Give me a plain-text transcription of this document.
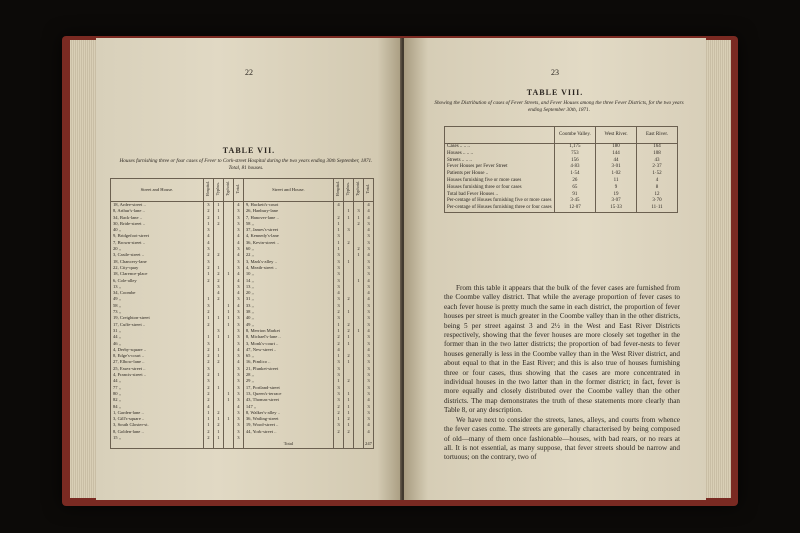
22
TABLE VII.
Houses furnishing three or four cases of Fever to Cork-street Hospital during the two years ending 30th September, 1871. Total, 81 houses.
Street and House.	Hospital.	Typhus.	Typhoid.	Total.	Street and House.	Hospital.	Typhus.	Typhoid.	Total.
18, Ardee-street ..	3	1		4	9, Hackett's-court	4			4
8, Arthur's-lane ..	2	1		3	26, Hanbury-lane		1	3	4
34, Back-lane ..	2	1		3	7, Hanover-lane ..	2	1	1	4
30, Bride-street ..	1	2		3	58 ,,	1		2	3
40 ,,	3			3	37, James's-street	1	3		4
9, Bridgefoot-street	4			4	4, Kennedy's-lane	3			3
7, Brown-street ..	4			4	36, Kevin-street ..	1	2		3
20 ,,	3			3	60 ,,	1		2	3
3, Castle-street ..	2	2		4	22 ,,	3		1	4
18, Chancery-lane	3			3	3, Mark's-alley ..	3	1		3
22, City-quay	2	1		3	4, Meath-street ..	3			3
18, Clarence-place	1	2	1	4	10 ,,	3			3
6, Cole-alley	2	2		4	14 ,,	3		1	4
13 ,,		3		3	13 ,,	3			3
34, Coombe		4		4	20 ,,	4			4
49 ,,	1	2		3	31 ,,	3	2		4
58 ,,	3		1	4	33 ,,	3			3
73 ,,	2		1	3	38 ,,	2	1		3
19, Creighton-street	1	1	1	3	40 ,,	3			3
17, Cuffe-street ..	2		1	3	49 ,,	1	2		3
31 ,,		3		3	8, Merrion Market	1	2	1	4
44 ,,	1	1	1	3	8, Michael's-lane ..	2	1		3
46 ,,	3			3	3, Monk's-court ..	2	1		3
4, Derby-square ..	2	1		4	47, New-street ..	4			4
8, Edge's-court ..	2	1		3	65 ,,	1	2		3
27, Elbow-lane ..	2	2		4	16, Pimlico ..	3	1		3
25, Essex-street ..	3			3	21, Plunket-street	3			3
4, Francis-street ..	2	1		3	28 ,,	3			3
44 ,,	3			3	29 ,,	1	2		3
77 ,,	2	1		3	17, Portland-street	3			3
80 ,,	2		1	3	13, Queen's-terrace	3	1		3
82 ,,	2		1	3	43, Thomas-street	3	1		4
84 ,,	4			4	147 ,,	2	1		3
1, Garden-lane ..	1	2		3	8, Walker's-alley ..	2	1		3
3, Gill's-square ..	1	1	1	3	36, Watling-street	1	2		3
3, South Gloster-st.	1	2		3	19, Wood-street ..	3	1		4
8, Golden-lane ..	2	1		3	44, York-street ..	2	2		4
15 ,,	2	1		3					
					Total				247
23
TABLE VIII.
Showing the Distribution of cases of Fever Streets, and Fever Houses among the three Fever Districts, for the two years ending September 30th, 1871.
	Coombe Valley.	West River.	East River.
Cases .. .. ..	1,175	180	164
Houses .. .. ..	753	144	108
Streets .. .. ..	156	44	43
Fever Houses per Fever Street	4·83	3·01	2·37
Patients per House ..	1·54	1·02	1·52
Houses furnishing five or more cases	26	11	4
Houses furnishing three or four cases	65	9	8
Total bad Fever Houses ..	91	19	12
Per-centage of Houses furnishing five or more cases	3·45	3·07	3·70
Per-centage of Houses furnishing three or four cases	12·07	15·33	11·11

From this table it appears that the bulk of the fever cases are furnished from the Coombe valley district. That while the average proportion of fever cases to each fever house is pretty much the same in each district, the proportion of fever houses per street is much greater in the Coombe valley than in the other districts, being 5 per street against 3 and 2½ in the West and East River Districts respectively, showing that the fever houses are more closely set together in the former than in the two latter districts; the proportion of bad fever-nests to fever houses generally is less in the Coombe valley than in the West River district, and about equal to that in the East River; and this is also true of houses furnishing three or four cases, thus showing that the cases are more concentrated in individual houses in the two latter than in the former district; in fact, fever is more equally and closely distributed over the Coombe valley than the other districts. The map demonstrates the truth of these statements more clearly than Table 8, or any description.

We have next to consider the streets, lanes, alleys, and courts from whence the fever cases come. The streets are generally characterised by being composed of old—many of them once fashionable—houses, with bad rears, or no rears at all. It is not essential, as many suppose, that fever streets should be narrow and tortuous; on the contrary, two of
